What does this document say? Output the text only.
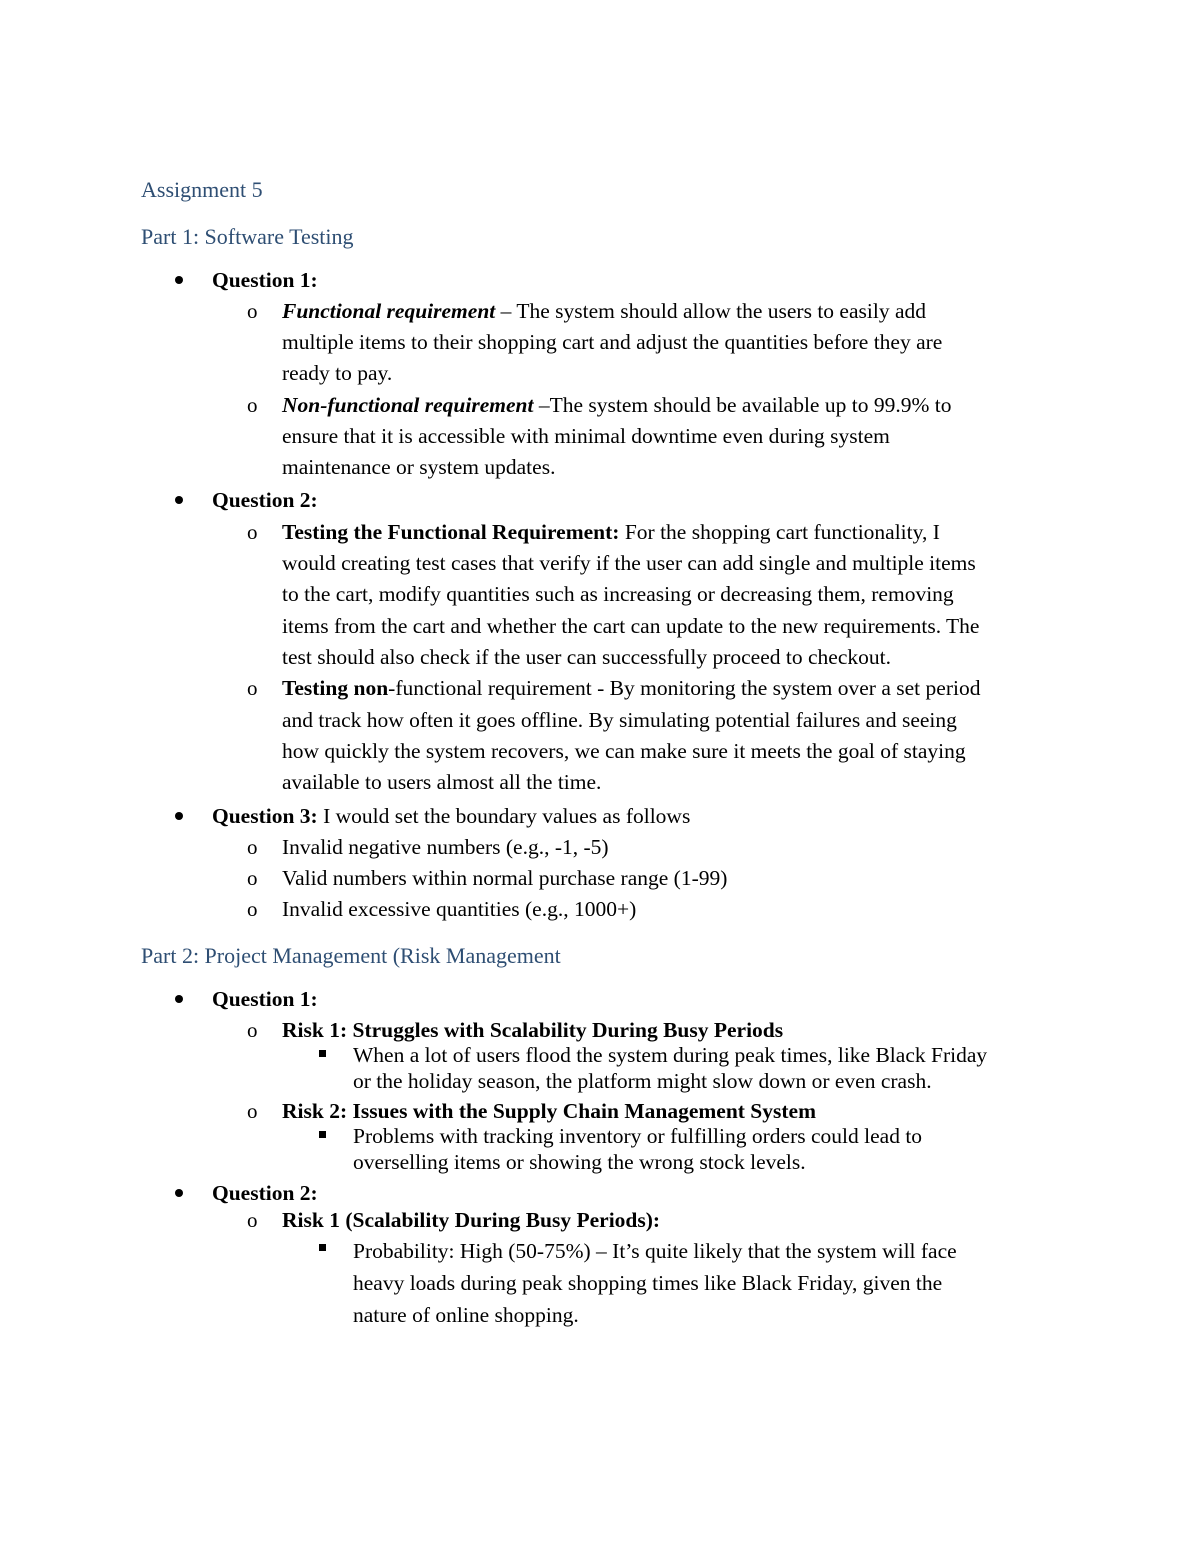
Assignment 5
Part 1: Software Testing
Question 1:
o Functional requirement – The system should allow the users to easily add
multiple items to their shopping cart and adjust the quantities before they are
ready to pay.
o Non-functional requirement –The system should be available up to 99.9% to
ensure that it is accessible with minimal downtime even during system
maintenance or system updates.
Question 2:
o Testing the Functional Requirement: For the shopping cart functionality, I
would creating test cases that verify if the user can add single and multiple items
to the cart, modify quantities such as increasing or decreasing them, removing
items from the cart and whether the cart can update to the new requirements. The
test should also check if the user can successfully proceed to checkout.
o Testing non-functional requirement - By monitoring the system over a set period
and track how often it goes offline. By simulating potential failures and seeing
how quickly the system recovers, we can make sure it meets the goal of staying
available to users almost all the time.
Question 3: I would set the boundary values as follows
o Invalid negative numbers (e.g., -1, -5)
o Valid numbers within normal purchase range (1-99)
o Invalid excessive quantities (e.g., 1000+)
Part 2: Project Management (Risk Management
Question 1:
o Risk 1: Struggles with Scalability During Busy Periods
When a lot of users flood the system during peak times, like Black Friday
or the holiday season, the platform might slow down or even crash.
o Risk 2: Issues with the Supply Chain Management System
Problems with tracking inventory or fulfilling orders could lead to
overselling items or showing the wrong stock levels.
Question 2:
o Risk 1 (Scalability During Busy Periods):
Probability: High (50-75%) – It’s quite likely that the system will face
heavy loads during peak shopping times like Black Friday, given the
nature of online shopping.
